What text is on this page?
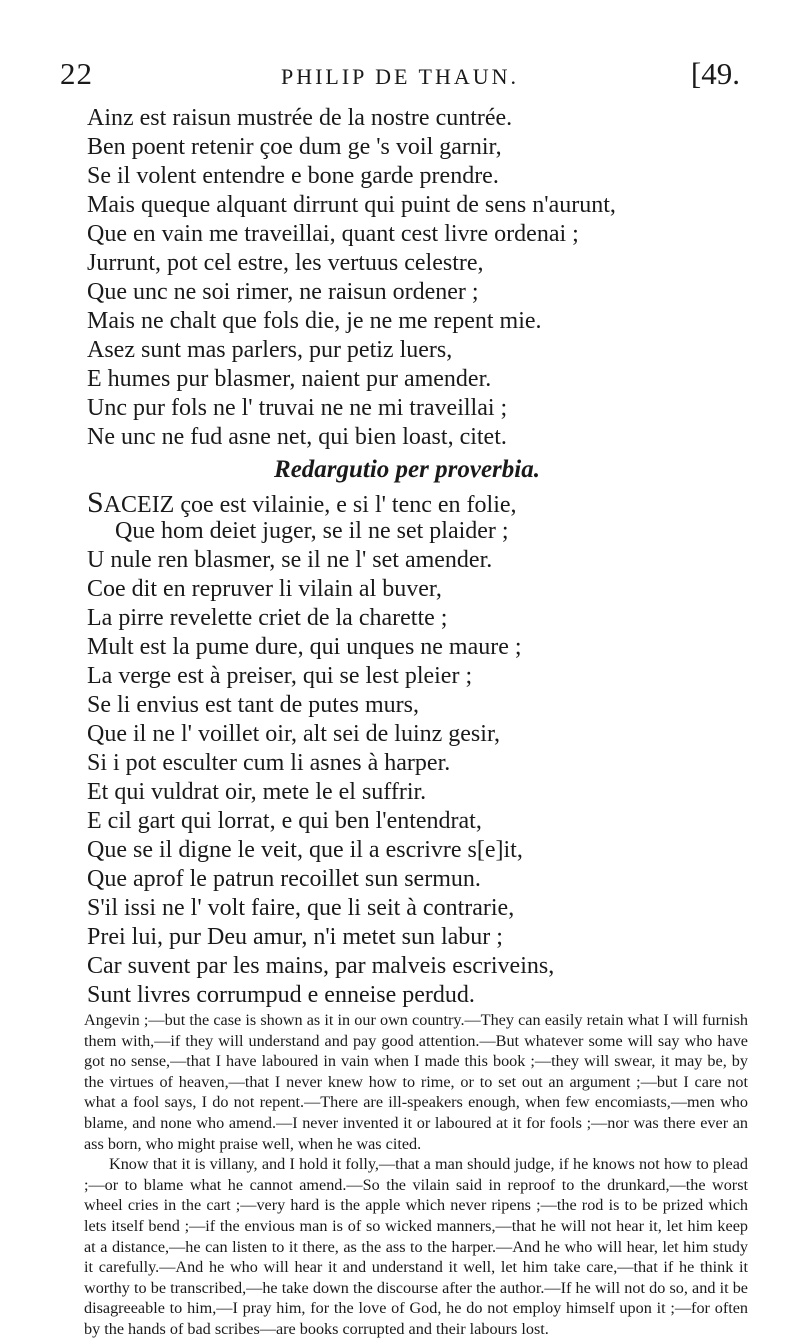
22	PHILIP DE THAUN.	[49.
Ainz est raisun mustrée de la nostre cuntrée.
Ben poent retenir çoe dum ge 's voil garnir,
Se il volent entendre e bone garde prendre.
Mais queque alquant dirrunt qui puint de sens n'aurunt,
Que en vain me traveillai, quant cest livre ordenai ;
Jurrunt, pot cel estre, les vertuus celestre,
Que unc ne soi rimer, ne raisun ordener ;
Mais ne chalt que fols die, je ne me repent mie.
Asez sunt mas parlers, pur petiz luers,
E humes pur blasmer, naient pur amender.
Unc pur fols ne l' truvai ne ne mi traveillai ;
Ne unc ne fud asne net, qui bien loast, citet.
Redargutio per proverbia.
SACEIZ çoe est vilainie, e si l' tenc en folie,
Que hom deiet juger, se il ne set plaider ;
U nule ren blasmer, se il ne l' set amender.
Coe dit en repruver li vilain al buver,
La pirre revelette criet de la charette ;
Mult est la pume dure, qui unques ne maure ;
La verge est à preiser, qui se lest pleier ;
Se li envius est tant de putes murs,
Que il ne l' voillet oir, alt sei de luinz gesir,
Si i pot esculter cum li asnes à harper.
Et qui vuldrat oir, mete le el suffrir.
E cil gart qui lorrat, e qui ben l'entendrat,
Que se il digne le veit, que il a escrivre s[e]it,
Que aprof le patrun recoillet sun sermun.
S'il issi ne l' volt faire, que li seit à contrarie,
Prei lui, pur Deu amur, n'i metet sun labur ;
Car suvent par les mains, par malveis escriveins,
Sunt livres corrumpud e enneise perdud.

Angevin ;—but the case is shown as it in our own country.—They can easily retain what I will furnish them with,—if they will understand and pay good attention.—But whatever some will say who have got no sense,—that I have laboured in vain when I made this book ;—they will swear, it may be, by the virtues of heaven,—that I never knew how to rime, or to set out an argument ;—but I care not what a fool says, I do not repent.—There are ill-speakers enough, when few encomiasts,—men who blame, and none who amend.—I never invented it or laboured at it for fools ;—nor was there ever an ass born, who might praise well, when he was cited.

Know that it is villany, and I hold it folly,—that a man should judge, if he knows not how to plead ;—or to blame what he cannot amend.—So the vilain said in reproof to the drunkard,—the worst wheel cries in the cart ;—very hard is the apple which never ripens ;—the rod is to be prized which lets itself bend ;—if the envious man is of so wicked manners,—that he will not hear it, let him keep at a distance,—he can listen to it there, as the ass to the harper.—And he who will hear, let him study it carefully.—And he who will hear it and understand it well, let him take care,—that if he think it worthy to be transcribed,—he take down the discourse after the author.—If he will not do so, and it be disagreeable to him,—I pray him, for the love of God, he do not employ himself upon it ;—for often by the hands of bad scribes—are books corrupted and their labours lost.
